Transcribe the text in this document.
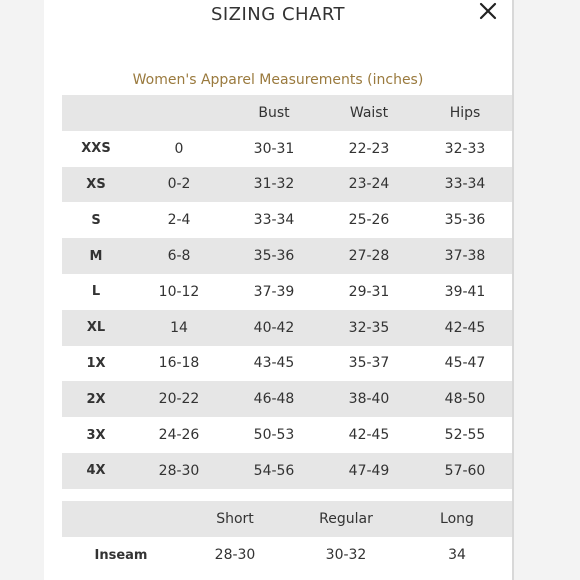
SIZING CHART
Women's Apparel Measurements (inches)
		Bust	Waist	Hips
XXS	0	30-31	22-23	32-33
XS	0-2	31-32	23-24	33-34
S	2-4	33-34	25-26	35-36
M	6-8	35-36	27-28	37-38
L	10-12	37-39	29-31	39-41
XL	14	40-42	32-35	42-45
1X	16-18	43-45	35-37	45-47
2X	20-22	46-48	38-40	48-50
3X	24-26	50-53	42-45	52-55
4X	28-30	54-56	47-49	57-60
	Short	Regular	Long
Inseam	28-30	30-32	34
